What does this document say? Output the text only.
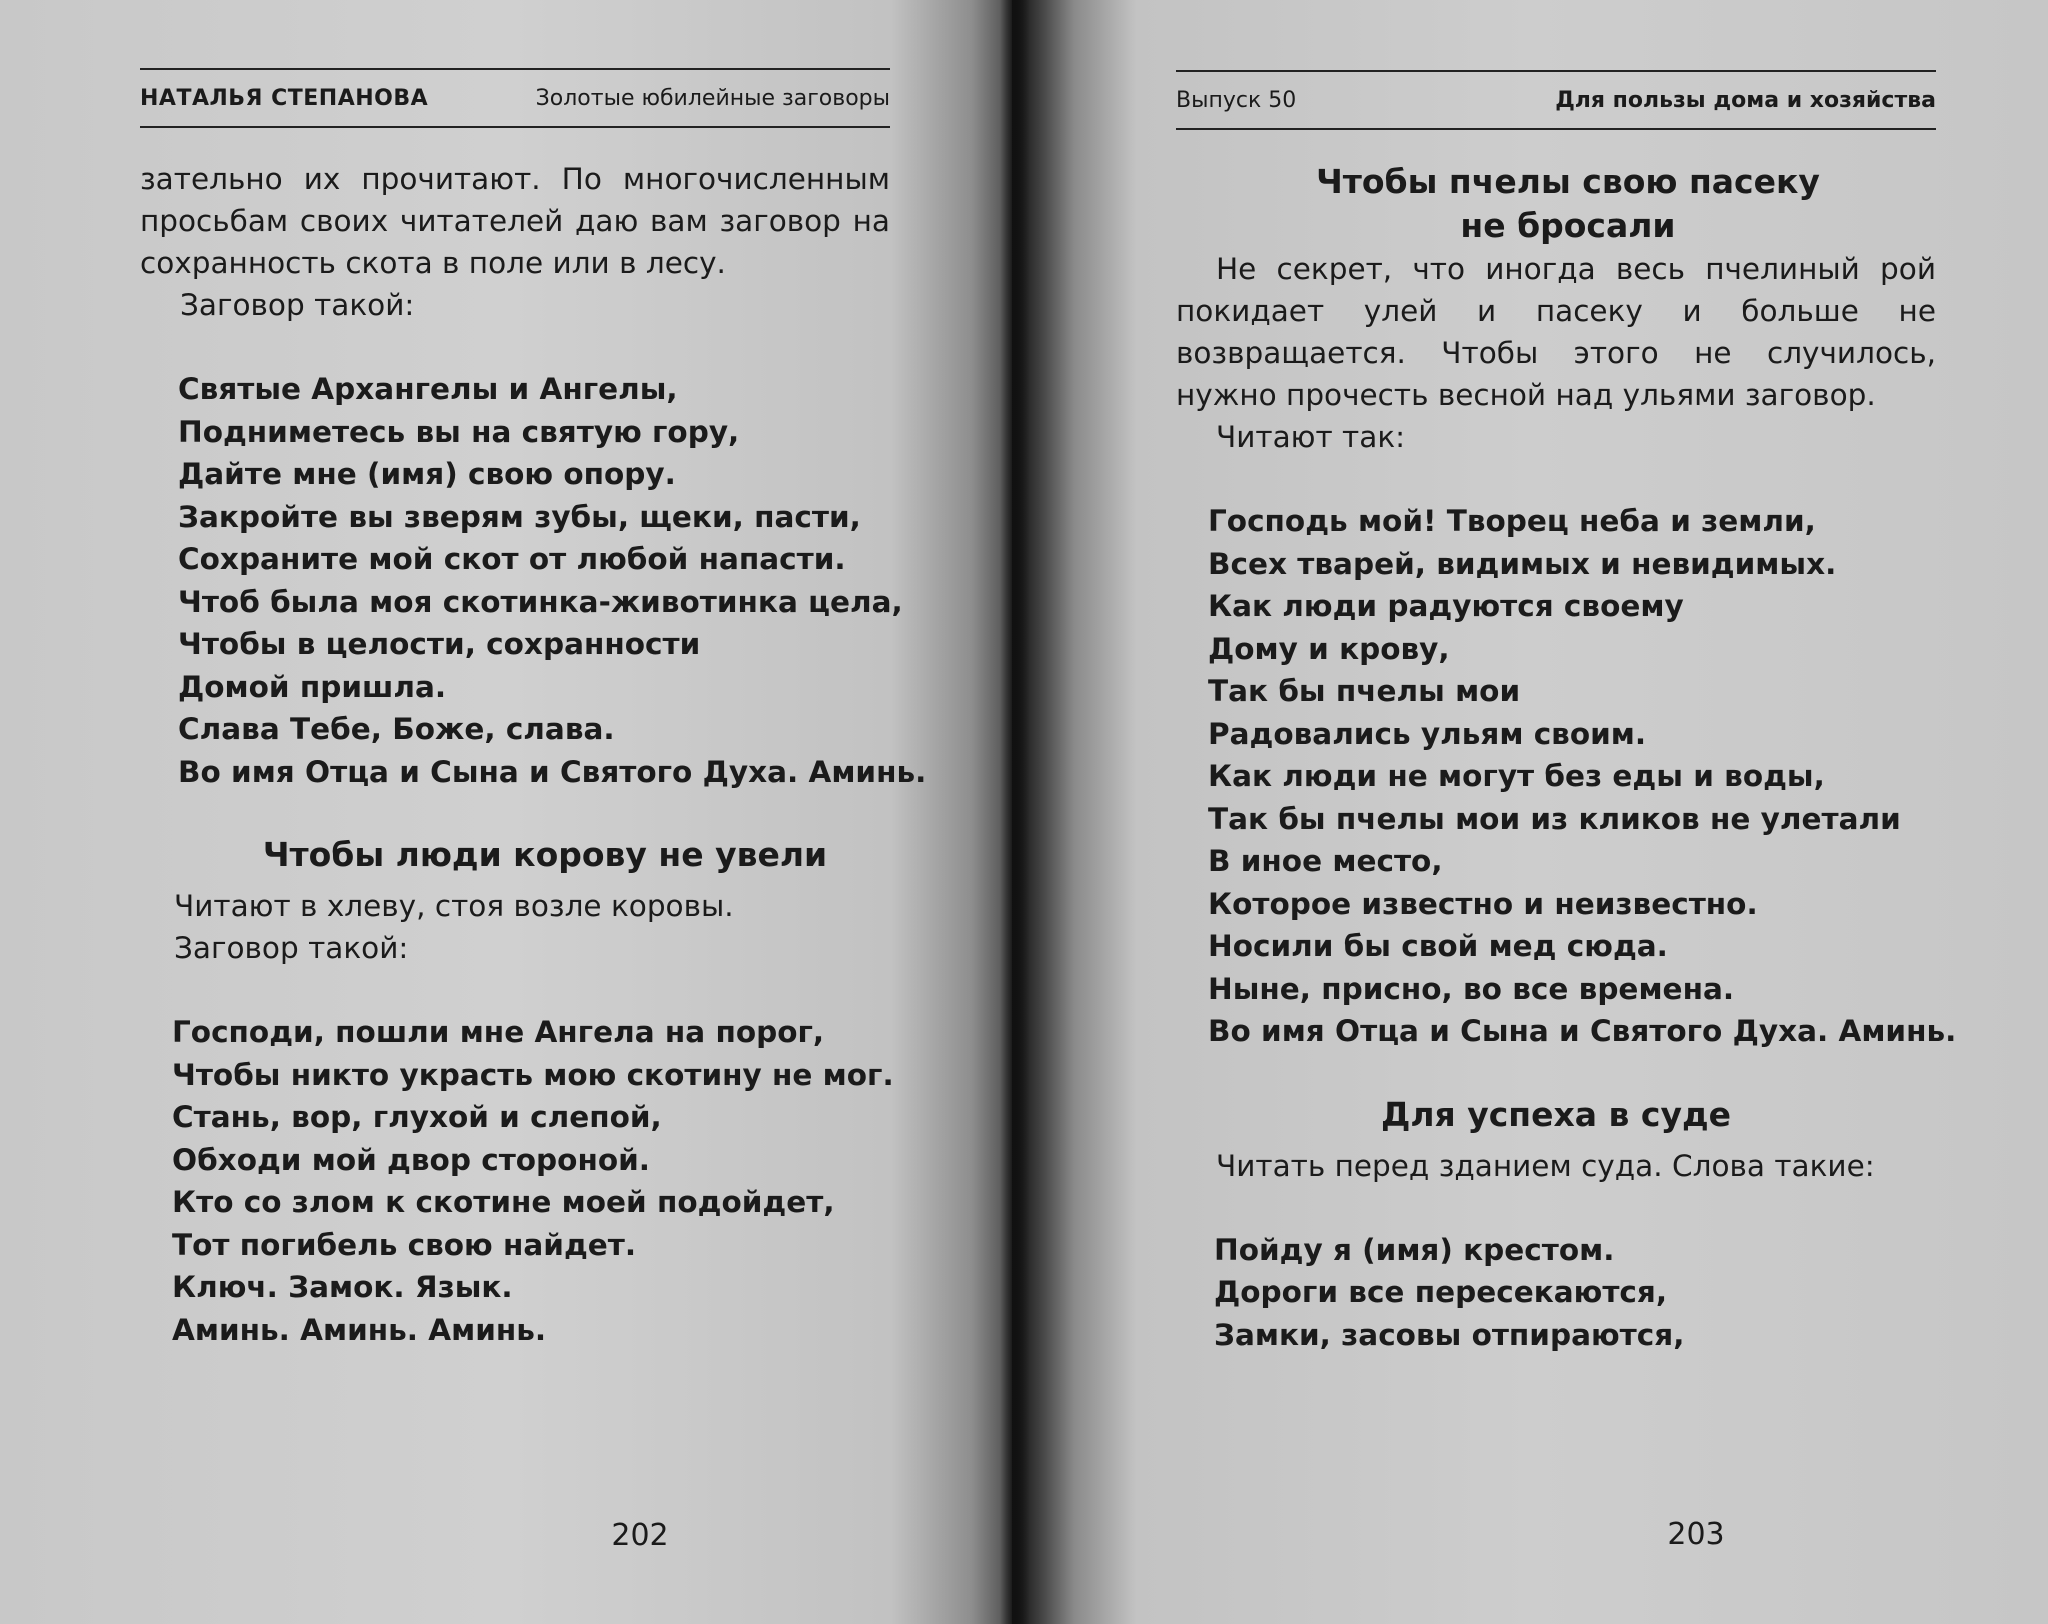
НАТАЛЬЯ СТЕПАНОВА	Золотые юбилейные заговоры

зательно их прочитают. По многочисленным просьбам своих читателей даю вам заговор на сохранность скота в поле или в лесу.

Заговор такой:

Святые Архангелы и Ангелы,
Подниметесь вы на святую гору,
Дайте мне (имя) свою опору.
Закройте вы зверям зубы, щеки, пасти,
Сохраните мой скот от любой напасти.
Чтоб была моя скотинка-животинка цела,
Чтобы в целости, сохранности
Домой пришла.
Слава Тебе, Боже, слава.
Во имя Отца и Сына и Святого Духа. Аминь.
Чтобы люди корову не увели

Читают в хлеву, стоя возле коровы.

Заговор такой:

Господи, пошли мне Ангела на порог,
Чтобы никто украсть мою скотину не мог.
Стань, вор, глухой и слепой,
Обходи мой двор стороной.
Кто со злом к скотине моей подойдет,
Тот погибель свою найдет.
Ключ. Замок. Язык.
Аминь. Аминь. Аминь.
202
Выпуск 50	Для пользы дома и хозяйства
Чтобы пчелы свою пасеку
не бросали

Не секрет, что иногда весь пчелиный рой покидает улей и пасеку и больше не возвращается. Чтобы этого не случилось, нужно прочесть весной над ульями заговор.

Читают так:

Господь мой! Творец неба и земли,
Всех тварей, видимых и невидимых.
Как люди радуются своему
Дому и крову,
Так бы пчелы мои
Радовались ульям своим.
Как люди не могут без еды и воды,
Так бы пчелы мои из кликов не улетали
В иное место,
Которое известно и неизвестно.
Носили бы свой мед сюда.
Ныне, присно, во все времена.
Во имя Отца и Сына и Святого Духа. Аминь.
Для успеха в суде

Читать перед зданием суда. Слова такие:

Пойду я (имя) крестом.
Дороги все пересекаются,
Замки, засовы отпираются,
203
